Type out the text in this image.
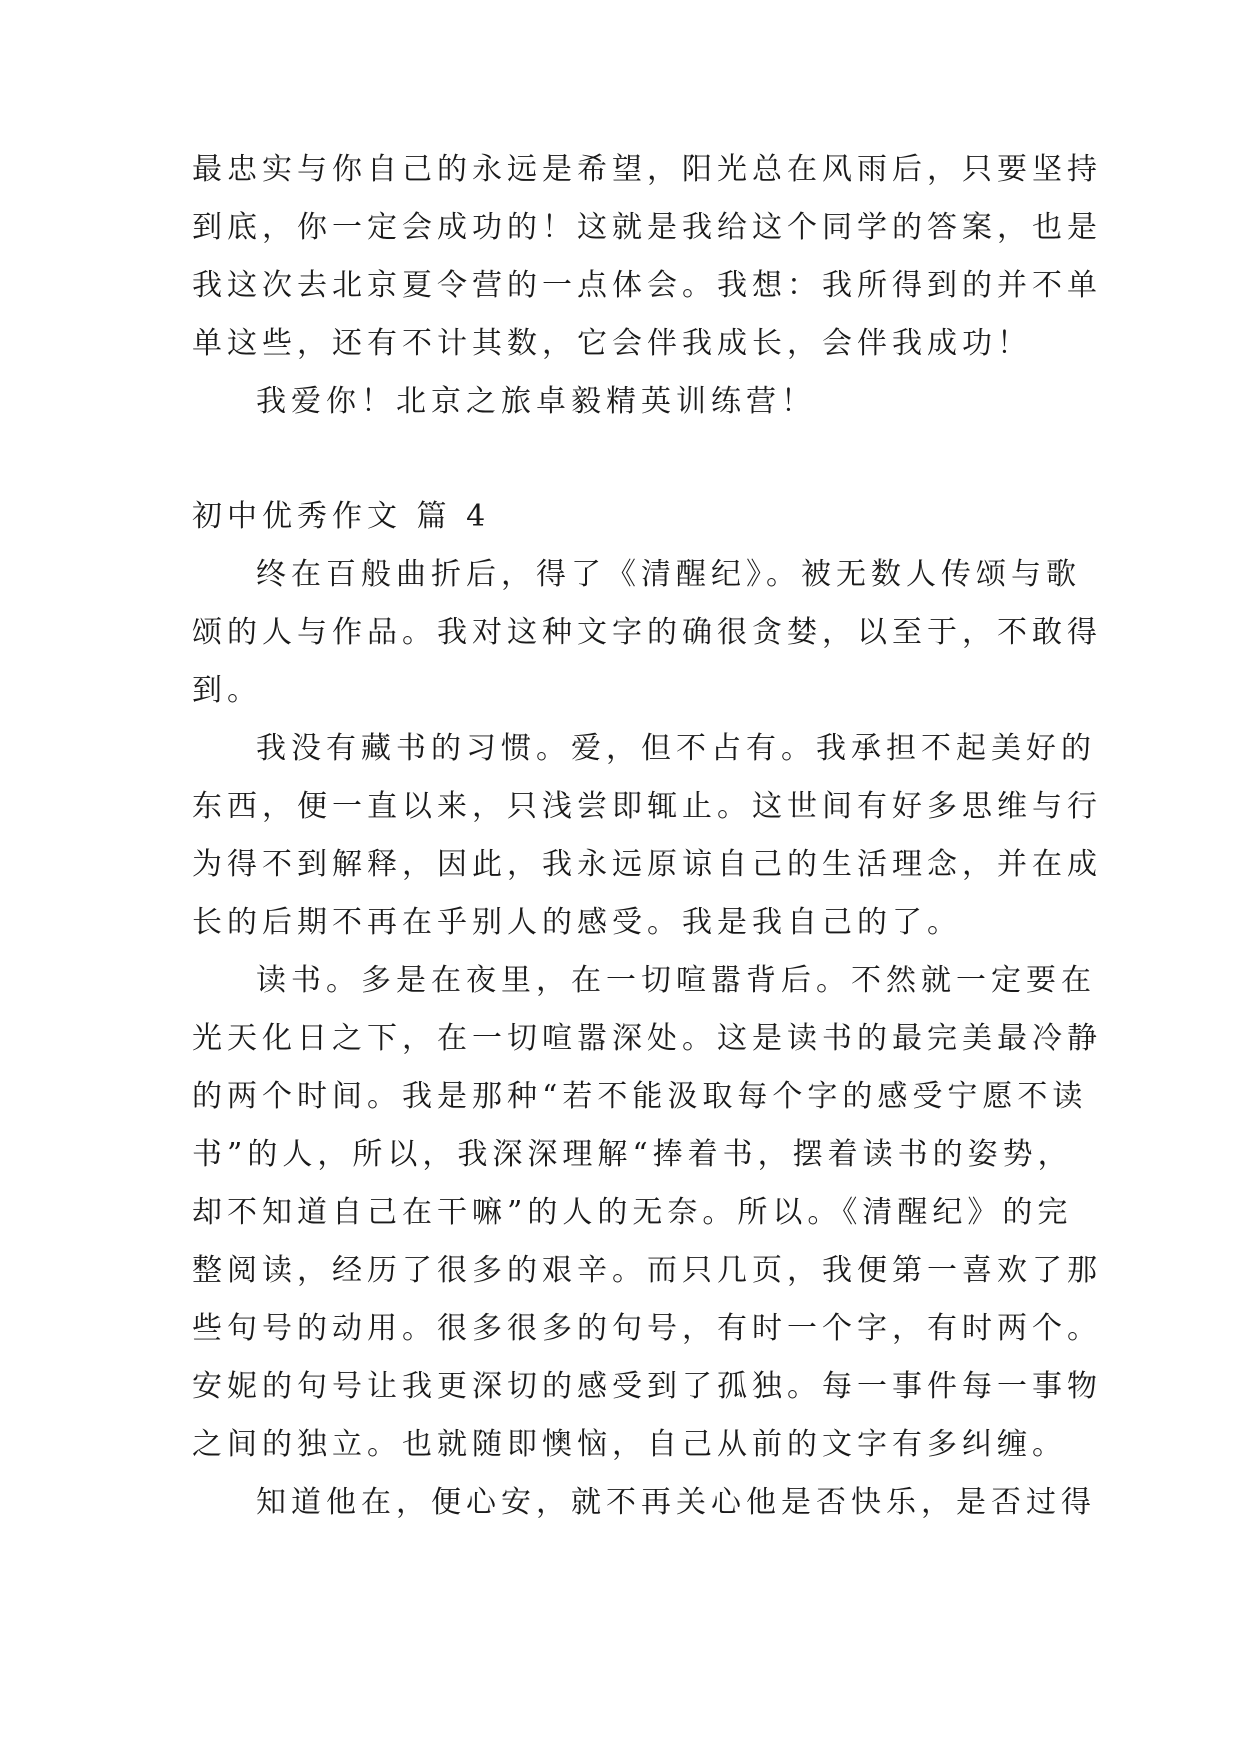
最忠实与你自己的永远是希望，阳光总在风雨后，只要坚持
到底，你一定会成功的！这就是我给这个同学的答案，也是
我这次去北京夏令营的一点体会。我想：我所得到的并不单
单这些，还有不计其数，它会伴我成长，会伴我成功！
我爱你！北京之旅卓毅精英训练营！
初中优秀作文 篇 4
终在百般曲折后，得了《清醒纪》。被无数人传颂与歌
颂的人与作品。我对这种文字的确很贪婪，以至于，不敢得
到。
我没有藏书的习惯。爱，但不占有。我承担不起美好的
东西，便一直以来，只浅尝即辄止。这世间有好多思维与行
为得不到解释，因此，我永远原谅自己的生活理念，并在成
长的后期不再在乎别人的感受。我是我自己的了。
读书。多是在夜里，在一切喧嚣背后。不然就一定要在
光天化日之下，在一切喧嚣深处。这是读书的最完美最冷静
的两个时间。我是那种“若不能汲取每个字的感受宁愿不读
书”的人，所以，我深深理解“捧着书，摆着读书的姿势，
却不知道自己在干嘛”的人的无奈。所以。《清醒纪》的完
整阅读，经历了很多的艰辛。而只几页，我便第一喜欢了那
些句号的动用。很多很多的句号，有时一个字，有时两个。
安妮的句号让我更深切的感受到了孤独。每一事件每一事物
之间的独立。也就随即懊恼，自己从前的文字有多纠缠。
知道他在，便心安，就不再关心他是否快乐，是否过得
